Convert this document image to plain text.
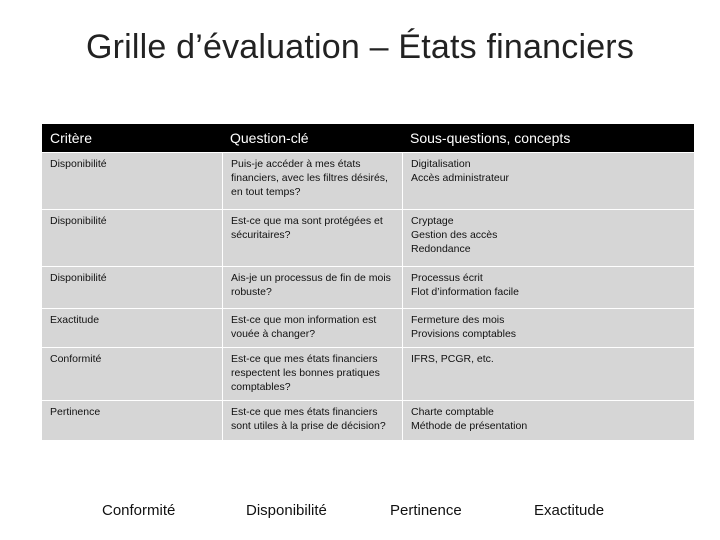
Grille d’évaluation – États financiers
Critère	Question-clé	Sous-questions, concepts
Disponibilité	Puis-je accéder à mes états
financiers, avec les filtres désirés,
en tout temps?	Digitalisation
Accès administrateur

Disponibilité	Est-ce que ma sont protégées et
sécuritaires?	Cryptage
Gestion des accès
Redondance

Disponibilité	Ais-je un processus de fin de mois
robuste?	Processus écrit
Flot d’information facile

Exactitude	Est-ce que mon information est
vouée à changer?	Fermeture des mois
Provisions comptables

Conformité	Est-ce que mes états financiers
respectent les bonnes pratiques
comptables?	IFRS, PCGR, etc.

Pertinence	Est-ce que mes états financiers
sont utiles à la prise de décision?	Charte comptable
Méthode de présentation
Conformité	Disponibilité	Pertinence	Exactitude
